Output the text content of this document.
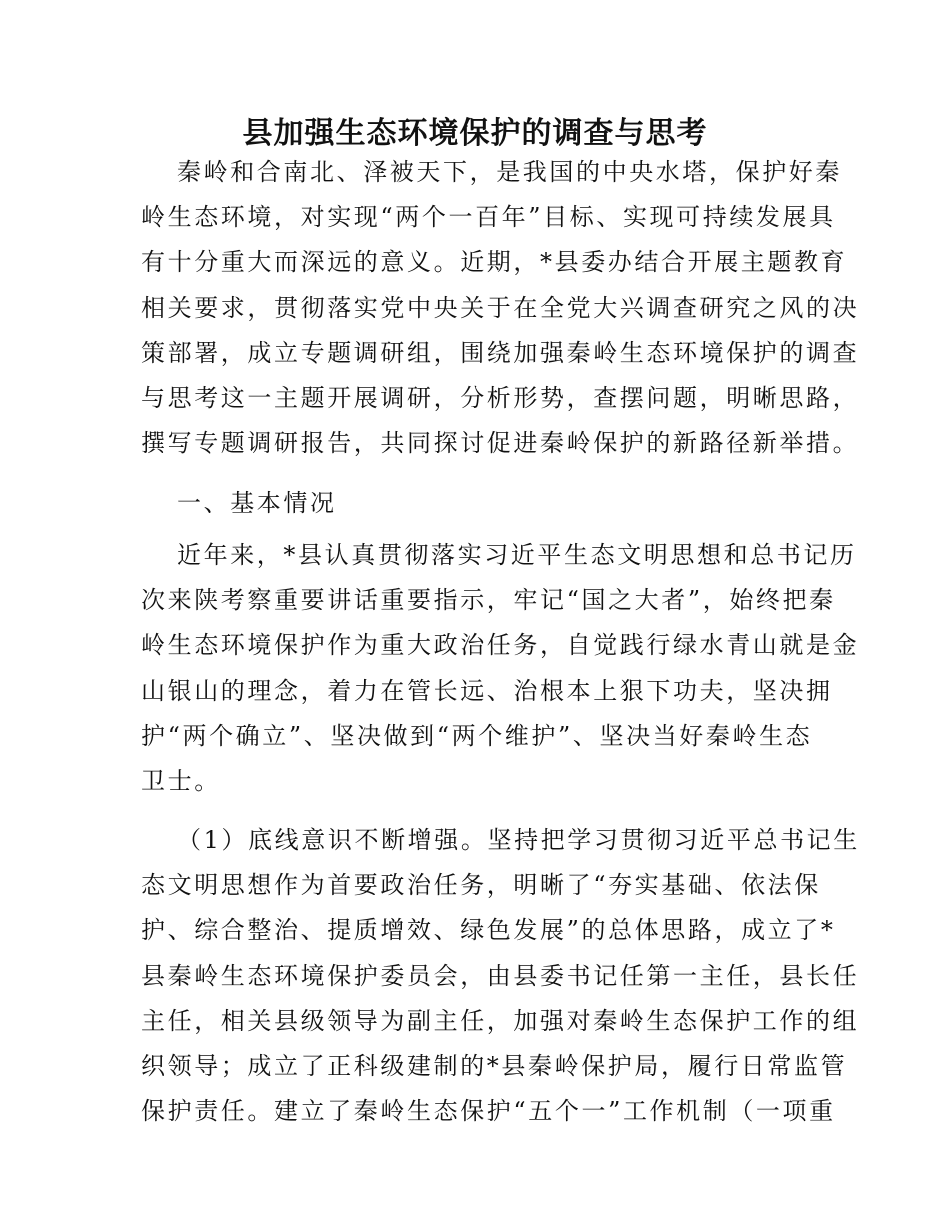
县加强生态环境保护的调查与思考
秦岭和合南北、泽被天下，是我国的中央水塔，保护好秦
岭生态环境，对实现“两个一百年”目标、实现可持续发展具
有十分重大而深远的意义。近期，*县委办结合开展主题教育
相关要求，贯彻落实党中央关于在全党大兴调查研究之风的决
策部署，成立专题调研组，围绕加强秦岭生态环境保护的调查
与思考这一主题开展调研，分析形势，查摆问题，明晰思路，
撰写专题调研报告，共同探讨促进秦岭保护的新路径新举措。
一、基本情况
近年来，*县认真贯彻落实习近平生态文明思想和总书记历
次来陕考察重要讲话重要指示，牢记“国之大者”，始终把秦
岭生态环境保护作为重大政治任务，自觉践行绿水青山就是金
山银山的理念，着力在管长远、治根本上狠下功夫，坚决拥
护“两个确立”、坚决做到“两个维护”、坚决当好秦岭生态
卫士。
（1）底线意识不断增强。坚持把学习贯彻习近平总书记生
态文明思想作为首要政治任务，明晰了“夯实基础、依法保
护、综合整治、提质增效、绿色发展”的总体思路，成立了*
县秦岭生态环境保护委员会，由县委书记任第一主任，县长任
主任，相关县级领导为副主任，加强对秦岭生态保护工作的组
织领导；成立了正科级建制的*县秦岭保护局，履行日常监管
保护责任。建立了秦岭生态保护“五个一”工作机制（一项重
